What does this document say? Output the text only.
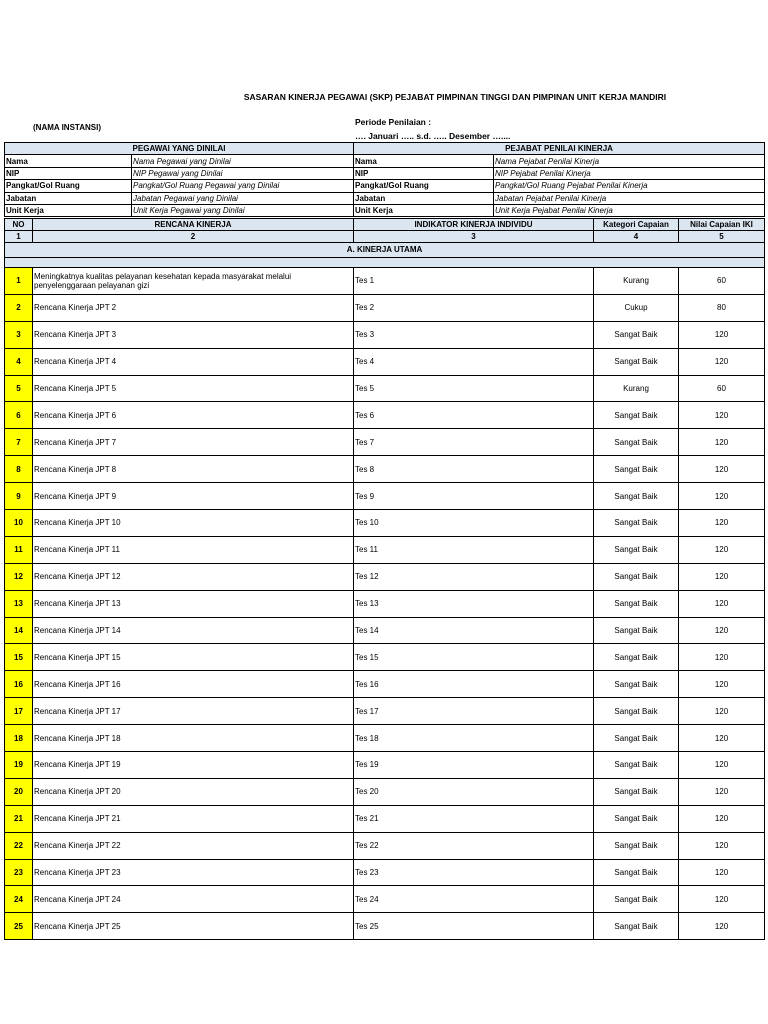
SASARAN KINERJA PEGAWAI (SKP) PEJABAT PIMPINAN TINGGI DAN PIMPINAN UNIT KERJA MANDIRI
(NAMA INSTANSI)
Periode Penilaian :
…. Januari ….. s.d. ….. Desember …....
PEGAWAI YANG DINILAI		PEJABAT PENILAI KINERJA	
Nama	Nama Pegawai yang Dinilai	Nama	Nama Pejabat Penilai Kinerja
NIP	NIP Pegawai yang Dinilai	NIP	NIP Pejabat Penilai Kinerja
Pangkat/Gol Ruang	Pangkat/Gol Ruang Pegawai yang Dinilai	Pangkat/Gol Ruang	Pangkat/Gol Ruang Pejabat Penilai Kinerja
Jabatan	Jabatan Pegawai yang Dinilai	Jabatan	Jabatan Pejabat Penilai Kinerja
Unit Kerja	Unit Kerja Pegawai yang Dinilai	Unit Kerja	Unit Kerja Pejabat Penilai Kinerja
NO	RENCANA KINERJA	INDIKATOR KINERJA INDIVIDU	Kategori Capaian	Nilai Capaian IKI
1	2	3	4	5
A. KINERJA UTAMA				

1	Meningkatnya kualitas pelayanan kesehatan kepada masyarakat melalui penyelenggaraan pelayanan gizi	Tes 1	Kurang	60
2	Rencana Kinerja JPT 2	Tes 2	Cukup	80
3	Rencana Kinerja JPT 3	Tes 3	Sangat Baik	120
4	Rencana Kinerja JPT 4	Tes 4	Sangat Baik	120
5	Rencana Kinerja JPT 5	Tes 5	Kurang	60
6	Rencana Kinerja JPT 6	Tes 6	Sangat Baik	120
7	Rencana Kinerja JPT 7	Tes 7	Sangat Baik	120
8	Rencana Kinerja JPT 8	Tes 8	Sangat Baik	120
9	Rencana Kinerja JPT 9	Tes 9	Sangat Baik	120
10	Rencana Kinerja JPT 10	Tes 10	Sangat Baik	120
11	Rencana Kinerja JPT 11	Tes 11	Sangat Baik	120
12	Rencana Kinerja JPT 12	Tes 12	Sangat Baik	120
13	Rencana Kinerja JPT 13	Tes 13	Sangat Baik	120
14	Rencana Kinerja JPT 14	Tes 14	Sangat Baik	120
15	Rencana Kinerja JPT 15	Tes 15	Sangat Baik	120
16	Rencana Kinerja JPT 16	Tes 16	Sangat Baik	120
17	Rencana Kinerja JPT 17	Tes 17	Sangat Baik	120
18	Rencana Kinerja JPT 18	Tes 18	Sangat Baik	120
19	Rencana Kinerja JPT 19	Tes 19	Sangat Baik	120
20	Rencana Kinerja JPT 20	Tes 20	Sangat Baik	120
21	Rencana Kinerja JPT 21	Tes 21	Sangat Baik	120
22	Rencana Kinerja JPT 22	Tes 22	Sangat Baik	120
23	Rencana Kinerja JPT 23	Tes 23	Sangat Baik	120
24	Rencana Kinerja JPT 24	Tes 24	Sangat Baik	120
25	Rencana Kinerja JPT 25	Tes 25	Sangat Baik	120
